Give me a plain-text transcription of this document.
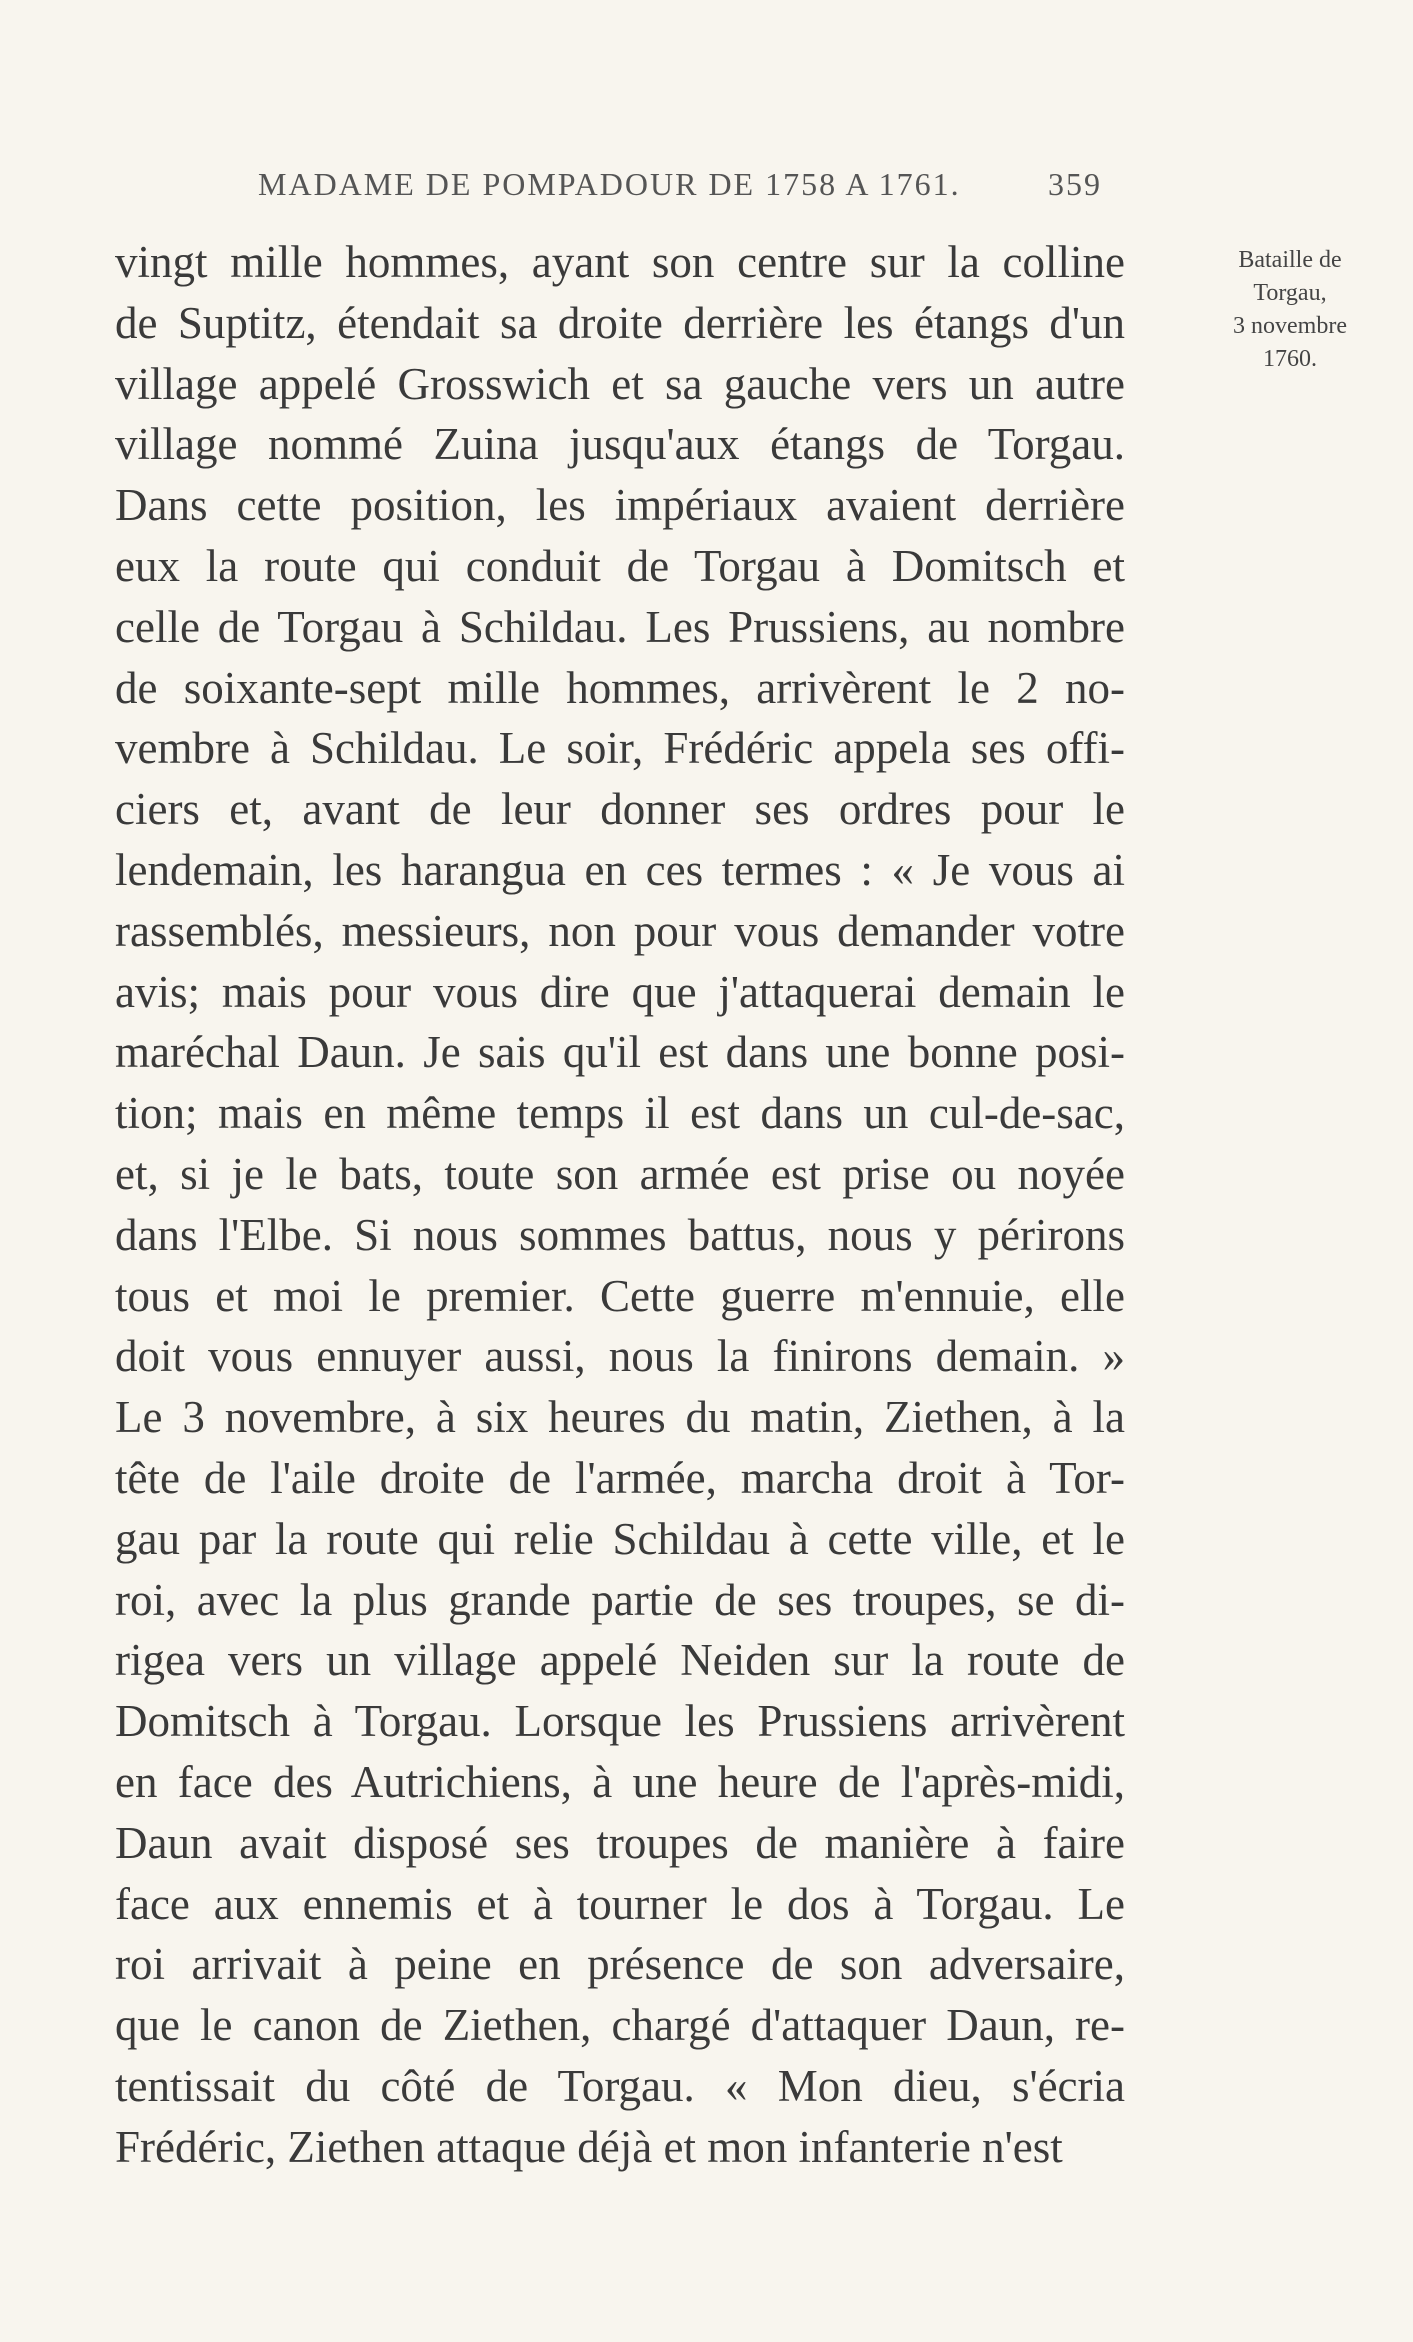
MADAME DE POMPADOUR DE 1758 A 1761.	359
Bataille de
Torgau,
3 novembre
1760.
vingt mille hommes, ayant son centre sur la colline
de Suptitz, étendait sa droite derrière les étangs d'un
village appelé Grosswich et sa gauche vers un autre
village nommé Zuina jusqu'aux étangs de Torgau.
Dans cette position, les impériaux avaient derrière
eux la route qui conduit de Torgau à Domitsch et
celle de Torgau à Schildau. Les Prussiens, au nombre
de soixante-sept mille hommes, arrivèrent le 2 no-
vembre à Schildau. Le soir, Frédéric appela ses offi-
ciers et, avant de leur donner ses ordres pour le
lendemain, les harangua en ces termes : « Je vous ai
rassemblés, messieurs, non pour vous demander votre
avis; mais pour vous dire que j'attaquerai demain le
maréchal Daun. Je sais qu'il est dans une bonne posi-
tion; mais en même temps il est dans un cul-de-sac,
et, si je le bats, toute son armée est prise ou noyée
dans l'Elbe. Si nous sommes battus, nous y périrons
tous et moi le premier. Cette guerre m'ennuie, elle
doit vous ennuyer aussi, nous la finirons demain. »
Le 3 novembre, à six heures du matin, Ziethen, à la
tête de l'aile droite de l'armée, marcha droit à Tor-
gau par la route qui relie Schildau à cette ville, et le
roi, avec la plus grande partie de ses troupes, se di-
rigea vers un village appelé Neiden sur la route de
Domitsch à Torgau. Lorsque les Prussiens arrivèrent
en face des Autrichiens, à une heure de l'après-midi,
Daun avait disposé ses troupes de manière à faire
face aux ennemis et à tourner le dos à Torgau. Le
roi arrivait à peine en présence de son adversaire,
que le canon de Ziethen, chargé d'attaquer Daun, re-
tentissait du côté de Torgau. « Mon dieu, s'écria
Frédéric, Ziethen attaque déjà et mon infanterie n'est
